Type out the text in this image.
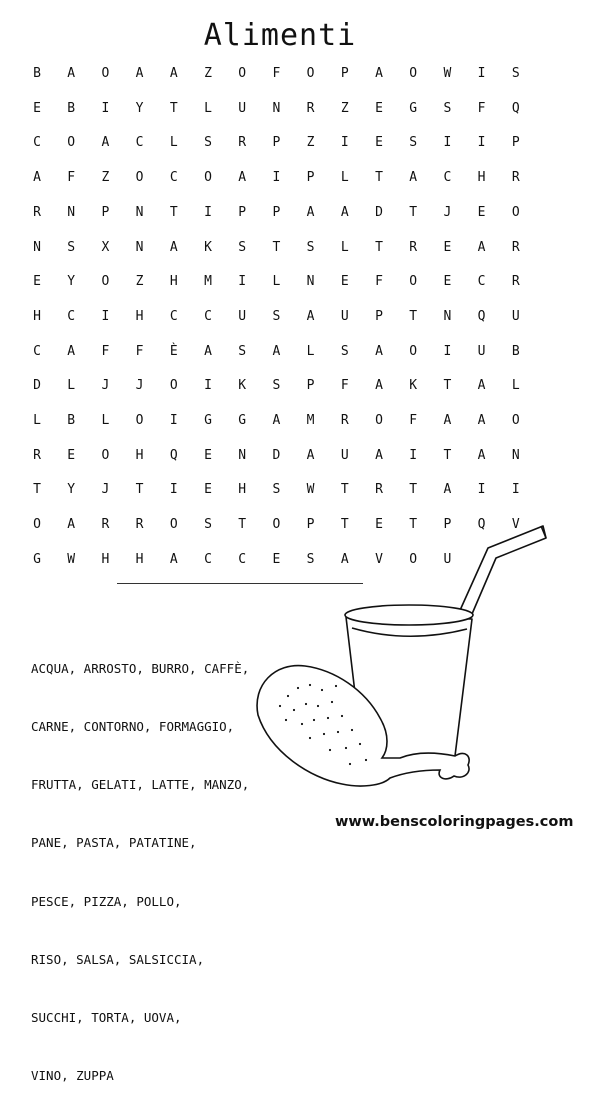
Alimenti
B	A	O	A	A	Z	O	F	O	P	A	O	W	I	S
E	B	I	Y	T	L	U	N	R	Z	E	G	S	F	Q
C	O	A	C	L	S	R	P	Z	I	E	S	I	I	P
A	F	Z	O	C	O	A	I	P	L	T	A	C	H	R
R	N	P	N	T	I	P	P	A	A	D	T	J	E	O
N	S	X	N	A	K	S	T	S	L	T	R	E	A	R
E	Y	O	Z	H	M	I	L	N	E	F	O	E	C	R
H	C	I	H	C	C	U	S	A	U	P	T	N	Q	U
C	A	F	F	È	A	S	A	L	S	A	O	I	U	B
D	L	J	J	O	I	K	S	P	F	A	K	T	A	L
L	B	L	O	I	G	G	A	M	R	O	F	A	A	O
R	E	O	H	Q	E	N	D	A	U	A	I	T	A	N
T	Y	J	T	I	E	H	S	W	T	R	T	A	I	I
O	A	R	R	O	S	T	O	P	T	E	T	P	Q	V
G	W	H	H	A	C	C	E	S	A	V	O	U

ACQUA, ARROSTO, BURRO, CAFFÈ,

CARNE, CONTORNO, FORMAGGIO,

FRUTTA, GELATI, LATTE, MANZO,

PANE, PASTA, PATATINE,

PESCE, PIZZA, POLLO,

RISO, SALSA, SALSICCIA,

SUCCHI, TORTA, UOVA,

VINO, ZUPPA

www.benscoloringpages.com
